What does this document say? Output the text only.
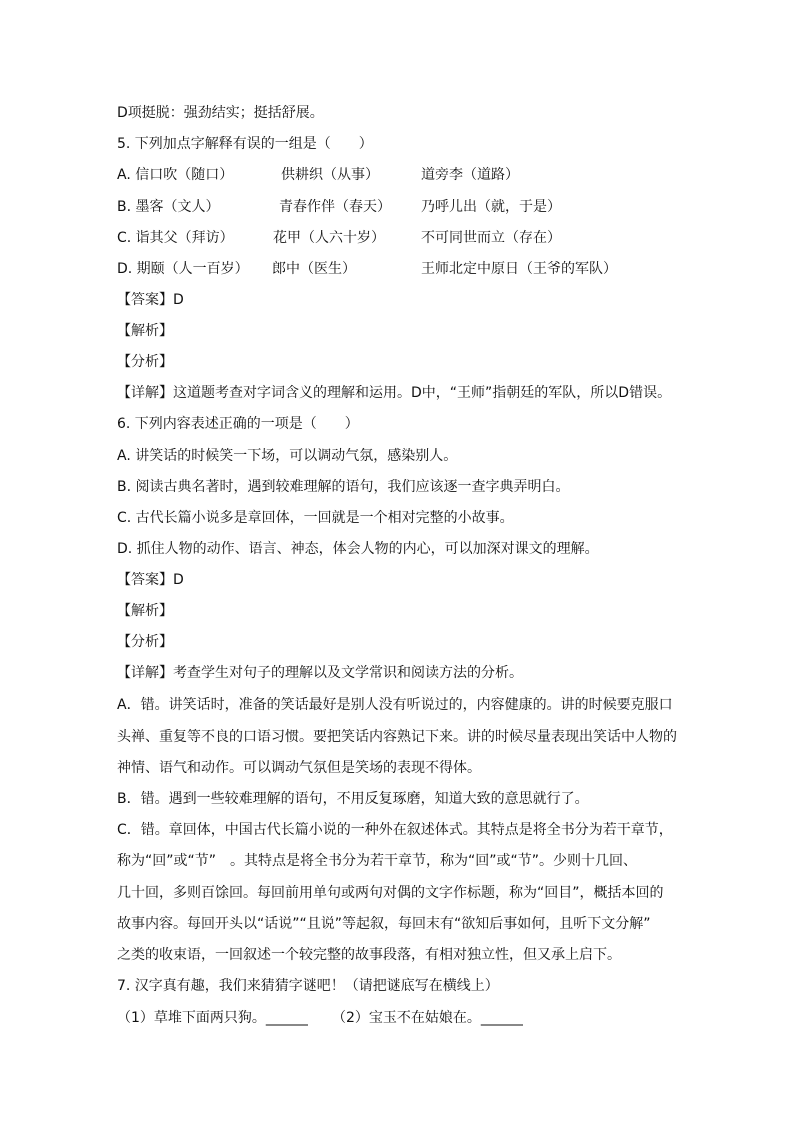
D项挺脱：强劲结实；挺括舒展。
5. 下列加点字解释有误的一组是（　　）
A. 信口吹（随口）	供耕织（从事）	道旁李（道路）
B. 墨客（文人）	青春作伴（春天） 乃呼儿出（就，于是）
C. 诣其父（拜访）	花甲（人六十岁）	不可同世而立（存在）
D. 期颐（人一百岁） 郎中（医生）	王师北定中原日（王爷的军队）
【答案】D
【解析】
【分析】
【详解】这道题考查对字词含义的理解和运用。D中，“王师”指朝廷的军队，所以D错误。
6. 下列内容表述正确的一项是（　　）
A. 讲笑话的时候笑一下场，可以调动气氛，感染别人。
B. 阅读古典名著时，遇到较难理解的语句，我们应该逐一查字典弄明白。
C. 古代长篇小说多是章回体，一回就是一个相对完整的小故事。
D. 抓住人物的动作、语言、神态，体会人物的内心，可以加深对课文的理解。
【答案】D
【解析】
【分析】
【详解】考查学生对句子的理解以及文学常识和阅读方法的分析。
A．错。讲笑话时，准备的笑话最好是别人没有听说过的，内容健康的。讲的时候要克服口
头禅、重复等不良的口语习惯。要把笑话内容熟记下来。讲的时候尽量表现出笑话中人物的
神情、语气和动作。可以调动气氛但是笑场的表现不得体。
B．错。遇到一些较难理解的语句，不用反复琢磨，知道大致的意思就行了。
C．错。章回体，中国古代长篇小说的一种外在叙述体式。其特点是将全书分为若干章节，
称为“回”或“节”　。其特点是将全书分为若干章节，称为“回”或“节”。少则十几回、
几十回，多则百馀回。每回前用单句或两句对偶的文字作标题，称为“回目”，概括本回的
故事内容。每回开头以“话说”“且说”等起叙，每回末有“欲知后事如何，且听下文分解”
之类的收束语，一回叙述一个较完整的故事段落，有相对独立性，但又承上启下。
7. 汉字真有趣，我们来猜猜字谜吧！（请把谜底写在横线上）
（1）草堆下面两只狗。______ （2）宝玉不在姑娘在。______
